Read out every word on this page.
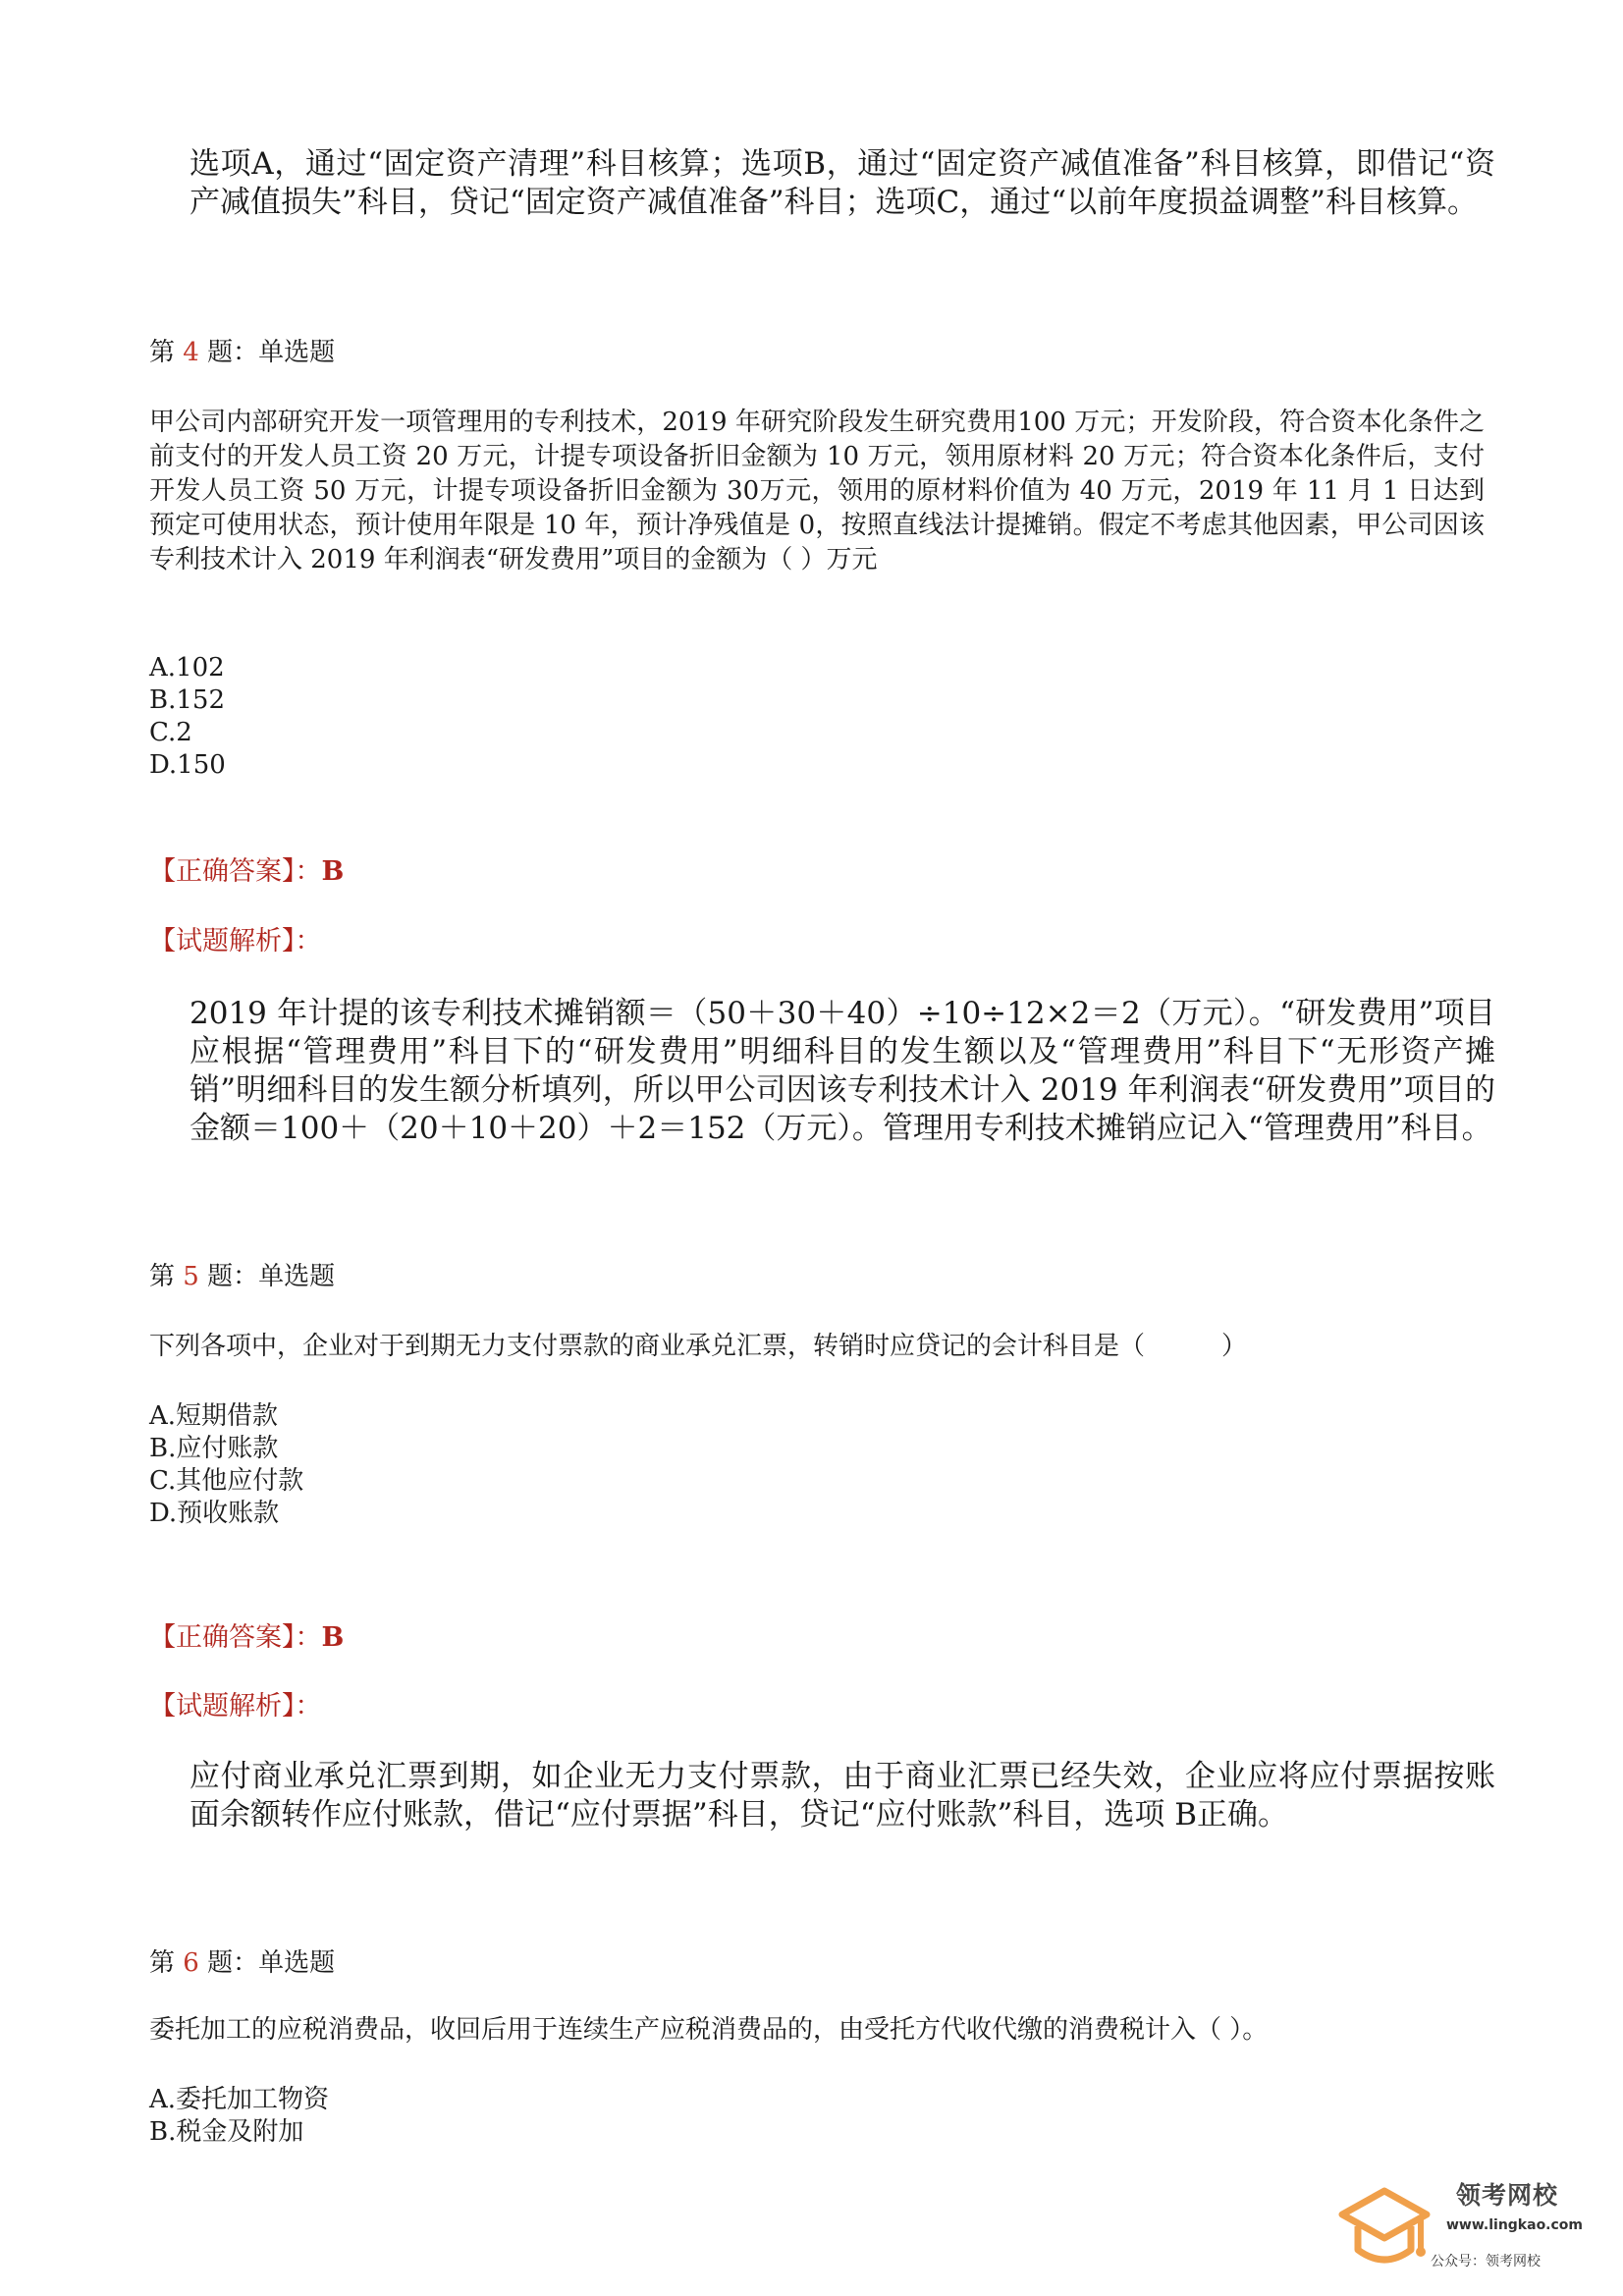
选项A，通过“固定资产清理”科目核算；选项B，通过“固定资产减值准备”科目核算，即借记“资产减值损失”科目，贷记“固定资产减值准备”科目；选项C，通过“以前年度损益调整”科目核算。
第 4 题：单选题
甲公司内部研究开发一项管理用的专利技术，2019 年研究阶段发生研究费用100 万元；开发阶段，符合资本化条件之前支付的开发人员工资 20 万元，计提专项设备折旧金额为 10 万元，领用原材料 20 万元；符合资本化条件后，支付开发人员工资 50 万元，计提专项设备折旧金额为 30万元，领用的原材料价值为 40 万元，2019 年 11 月 1 日达到预定可使用状态，预计使用年限是 10 年，预计净残值是 0，按照直线法计提摊销。假定不考虑其他因素，甲公司因该专利技术计入 2019 年利润表“研发费用”项目的金额为（ ）万元
A.102
B.152
C.2
D.150
【正确答案】：B
【试题解析】：
2019 年计提的该专利技术摊销额＝（50＋30＋40）÷10÷12×2＝2（万元）。“研发费用”项目应根据“管理费用”科目下的“研发费用”明细科目的发生额以及“管理费用”科目下“无形资产摊销”明细科目的发生额分析填列，所以甲公司因该专利技术计入 2019 年利润表“研发费用”项目的金额＝100＋（20＋10＋20）＋2＝152（万元）。管理用专利技术摊销应记入“管理费用”科目。
第 5 题：单选题
下列各项中，企业对于到期无力支付票款的商业承兑汇票，转销时应贷记的会计科目是（　　　）
A.短期借款
B.应付账款
C.其他应付款
D.预收账款
【正确答案】：B
【试题解析】：
应付商业承兑汇票到期，如企业无力支付票款，由于商业汇票已经失效，企业应将应付票据按账面余额转作应付账款，借记“应付票据”科目，贷记“应付账款”科目，选项 B正确。
第 6 题：单选题
委托加工的应税消费品，收回后用于连续生产应税消费品的，由受托方代收代缴的消费税计入（ ）。
A.委托加工物资
B.税金及附加
领考网校
www.lingkao.com
公众号：领考网校
